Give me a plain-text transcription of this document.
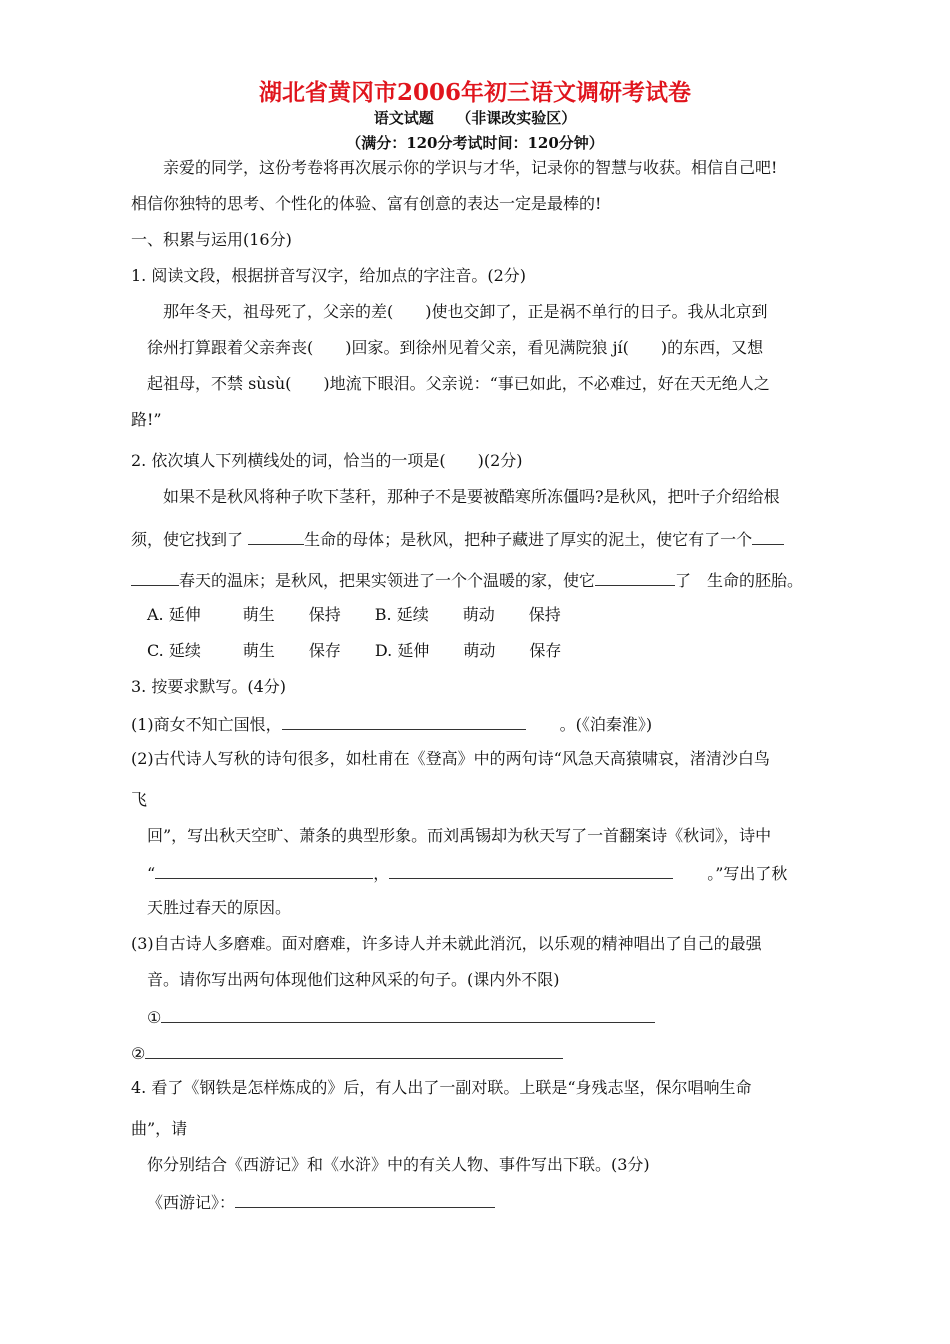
湖北省黄冈市2006年初三语文调研考试卷
语文试题　　（非课改实验区）
（满分：120分考试时间：120分钟）
亲爱的同学，这份考卷将再次展示你的学识与才华，记录你的智慧与收获。相信自己吧!
相信你独特的思考、个性化的体验、富有创意的表达一定是最棒的!
一、积累与运用(16分)
1. 阅读文段，根据拼音写汉字，给加点的字注音。(2分)
那年冬天，祖母死了，父亲的差(　　)使也交卸了，正是祸不单行的日子。我从北京到
徐州打算跟着父亲奔丧(　　)回家。到徐州见着父亲，看见满院狼 jí(　　)的东西，又想
起祖母，不禁 sùsù(　　)地流下眼泪。父亲说：“事已如此，不必难过，好在天无绝人之
路!”
2. 依次填人下列横线处的词，恰当的一项是(　　)(2分)
如果不是秋风将种子吹下茎秆，那种子不是要被酷寒所冻僵吗?是秋风，把叶子介绍给根
须，使它找到了	生命的母体；是秋风，把种子藏进了厚实的泥土，使它有了一个
春天的温床；是秋风，把果实领进了一个个温暖的家，使它	了　生命的胚胎。
A. 延伸	萌生 保持 B. 延续 萌动 保持
C. 延续	萌生 保存 D. 延伸 萌动 保存
3. 按要求默写。(4分)
(1)商女不知亡国恨，	。(《泊秦淮》)
(2)古代诗人写秋的诗句很多，如杜甫在《登高》中的两句诗“风急天高猿啸哀，渚清沙白鸟
飞
回”，写出秋天空旷、萧条的典型形象。而刘禹锡却为秋天写了一首翻案诗《秋词》，诗中
“	，	。”写出了秋
天胜过春天的原因。
(3)自古诗人多磨难。面对磨难，许多诗人并未就此消沉，以乐观的精神唱出了自己的最强
音。请你写出两句体现他们这种风采的句子。(课内外不限)
①
②
4. 看了《钢铁是怎样炼成的》后，有人出了一副对联。上联是“身残志坚，保尔唱响生命
曲”，请
你分别结合《西游记》和《水浒》中的有关人物、事件写出下联。(3分)
《西游记》：
